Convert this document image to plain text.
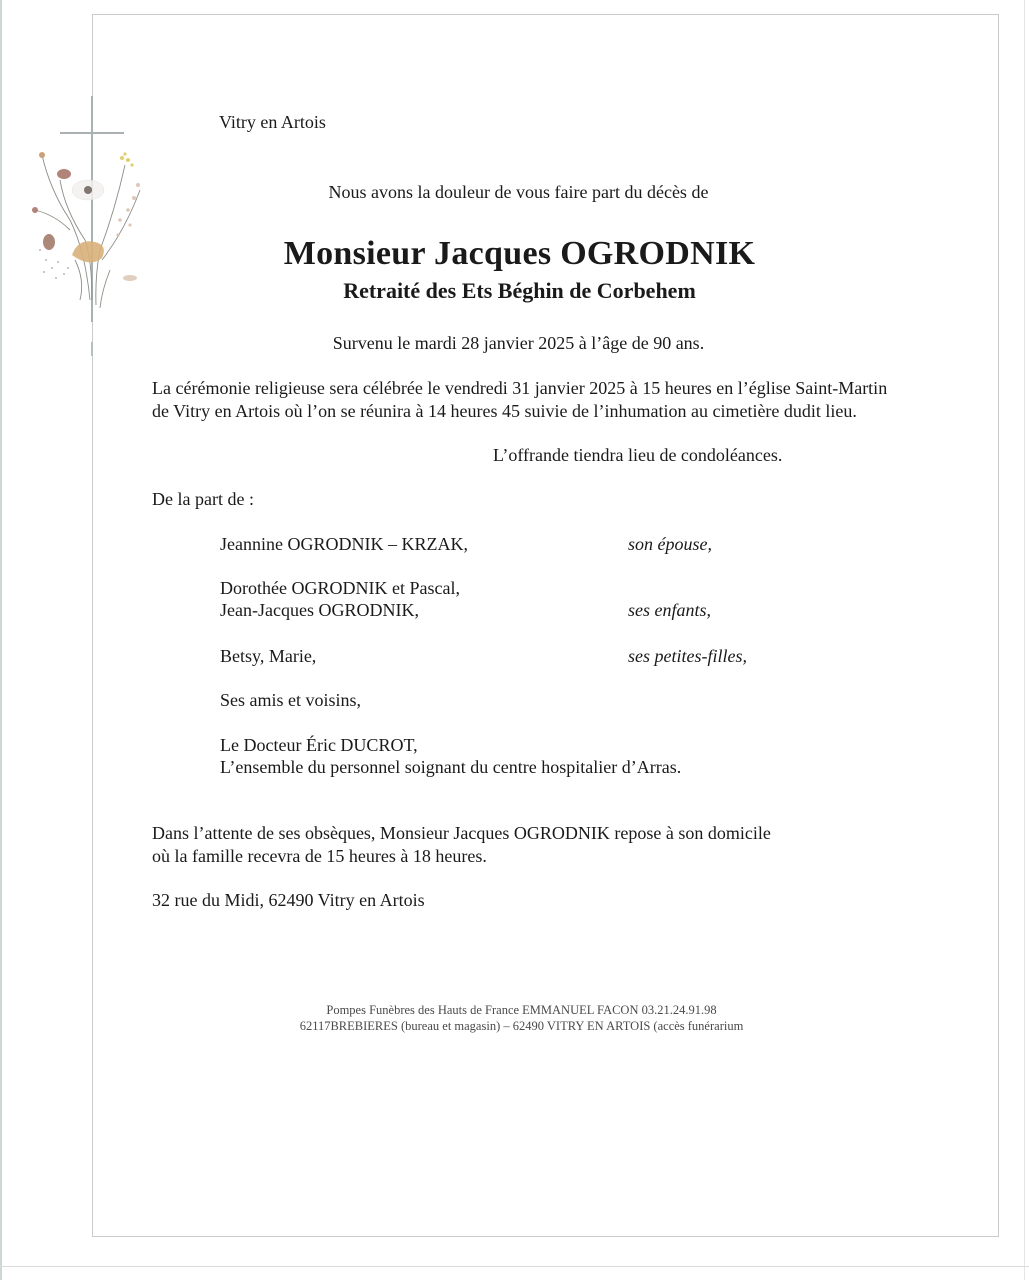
Vitry en Artois
Nous avons la douleur de vous faire part du décès de
Monsieur Jacques OGRODNIK
Retraité des Ets Béghin de Corbehem
Survenu le mardi 28 janvier 2025 à l’âge de 90 ans.
La cérémonie religieuse sera célébrée le vendredi 31 janvier 2025 à 15 heures en l’église Saint-Martin
de Vitry en Artois où l’on se réunira à 14 heures 45 suivie de l’inhumation au cimetière dudit lieu.
L’offrande tiendra lieu de condoléances.
De la part de :
Jeannine OGRODNIK – KRZAK,	son épouse,
Dorothée OGRODNIK et Pascal,
Jean-Jacques OGRODNIK,	ses enfants,
Betsy, Marie,	ses petites-filles,
Ses amis et voisins,
Le Docteur Éric DUCROT,
L’ensemble du personnel soignant du centre hospitalier d’Arras.
Dans l’attente de ses obsèques, Monsieur Jacques OGRODNIK repose à son domicile
où la famille recevra de 15 heures à 18 heures.
32 rue du Midi, 62490 Vitry en Artois
Pompes Funèbres des Hauts de France EMMANUEL FACON 03.21.24.91.98
62117BREBIERES (bureau et magasin) – 62490 VITRY EN ARTOIS (accès funérarium
